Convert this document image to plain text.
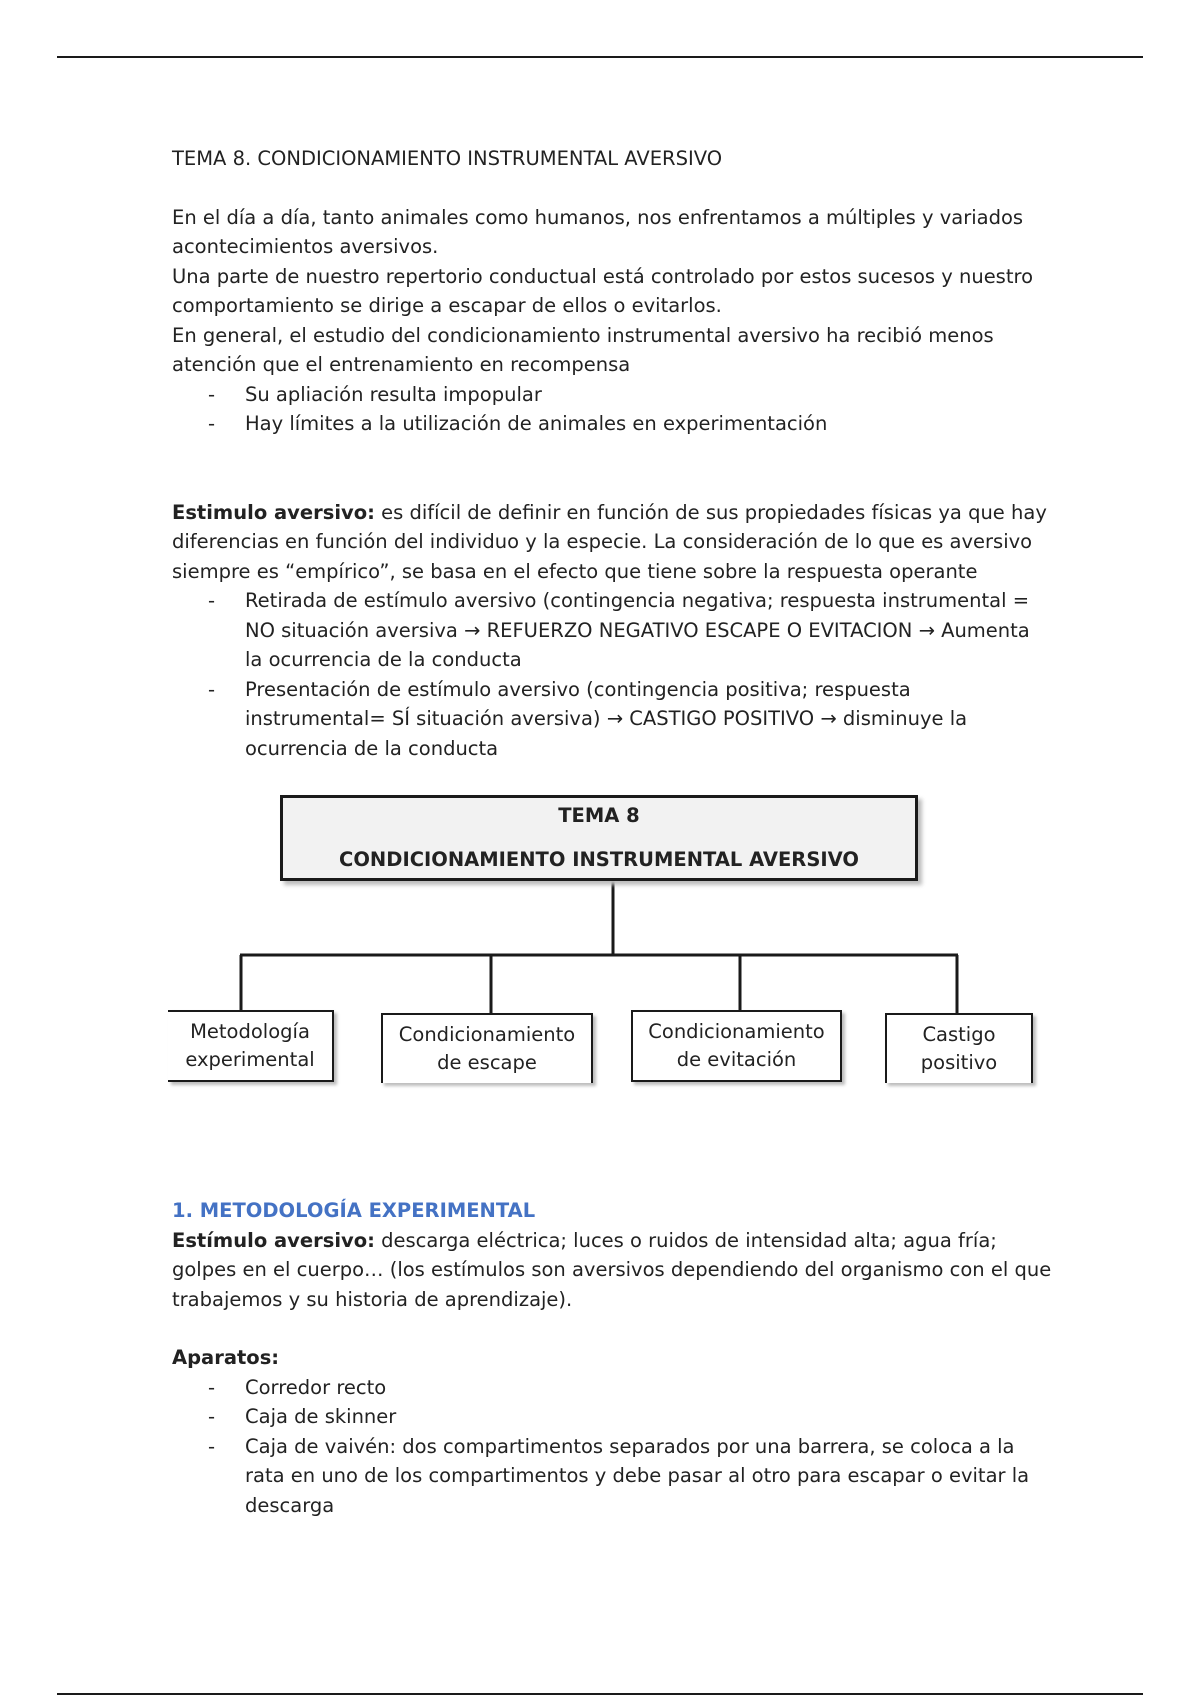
TEMA 8. CONDICIONAMIENTO INSTRUMENTAL AVERSIVO

En el día a día, tanto animales como humanos, nos enfrentamos a múltiples y variados acontecimientos aversivos.

Una parte de nuestro repertorio conductual está controlado por estos sucesos y nuestro comportamiento se dirige a escapar de ellos o evitarlos.

En general, el estudio del condicionamiento instrumental aversivo ha recibió menos atención que el entrenamiento en recompensa

- Su apliación resulta impopular
- Hay límites a la utilización de animales en experimentación

Estimulo aversivo: es difícil de definir en función de sus propiedades físicas ya que hay diferencias en función del individuo y la especie. La consideración de lo que es aversivo siempre es “empírico”, se basa en el efecto que tiene sobre la respuesta operante

- Retirada de estímulo aversivo (contingencia negativa; respuesta instrumental = NO situación aversiva → REFUERZO NEGATIVO ESCAPE O EVITACION → Aumenta la ocurrencia de la conducta
- Presentación de estímulo aversivo (contingencia positiva; respuesta instrumental= SÍ situación aversiva) → CASTIGO POSITIVO → disminuye la ocurrencia de la conducta
TEMA 8
CONDICIONAMIENTO INSTRUMENTAL AVERSIVO
Metodología
experimental
Condicionamiento
de escape
Condicionamiento
de evitación
Castigo
positivo
1. METODOLOGÍA EXPERIMENTAL

Estímulo aversivo: descarga eléctrica; luces o ruidos de intensidad alta; agua fría; golpes en el cuerpo… (los estímulos son aversivos dependiendo del organismo con el que trabajemos y su historia de aprendizaje).

Aparatos:

- Corredor recto
- Caja de skinner
- Caja de vaivén: dos compartimentos separados por una barrera, se coloca a la rata en uno de los compartimentos y debe pasar al otro para escapar o evitar la descarga
